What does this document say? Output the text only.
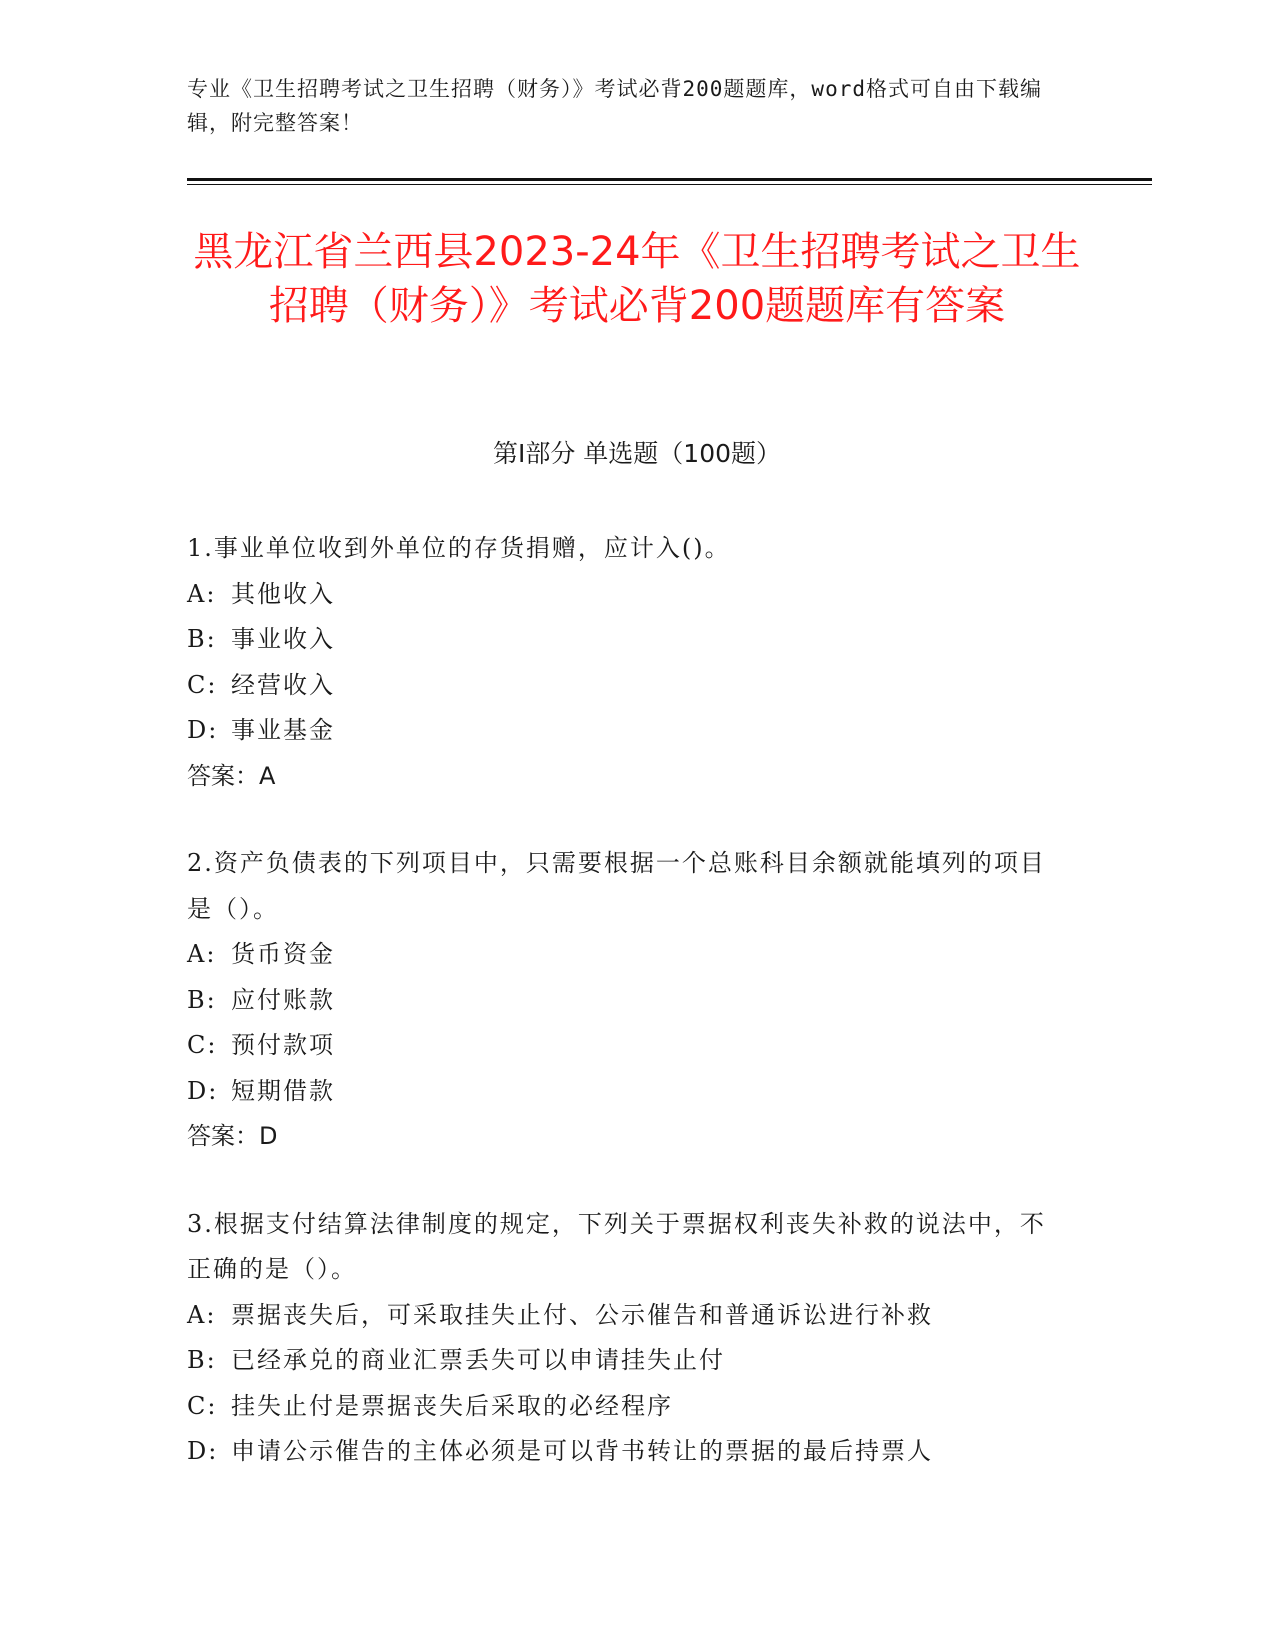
专业《卫生招聘考试之卫生招聘（财务）》考试必背200题题库，word格式可自由下载编辑，附完整答案！
黑龙江省兰西县2023-24年《卫生招聘考试之卫生招聘（财务）》考试必背200题题库有答案
第Ⅰ部分 单选题（100题）
1.事业单位收到外单位的存货捐赠，应计入()。
A: 其他收入
B: 事业收入
C: 经营收入
D: 事业基金
答案：A
2.资产负债表的下列项目中，只需要根据一个总账科目余额就能填列的项目是（）。
A: 货币资金
B: 应付账款
C: 预付款项
D: 短期借款
答案：D
3.根据支付结算法律制度的规定，下列关于票据权利丧失补救的说法中，不正确的是（）。
A: 票据丧失后，可采取挂失止付、公示催告和普通诉讼进行补救
B: 已经承兑的商业汇票丢失可以申请挂失止付
C: 挂失止付是票据丧失后采取的必经程序
D: 申请公示催告的主体必须是可以背书转让的票据的最后持票人
